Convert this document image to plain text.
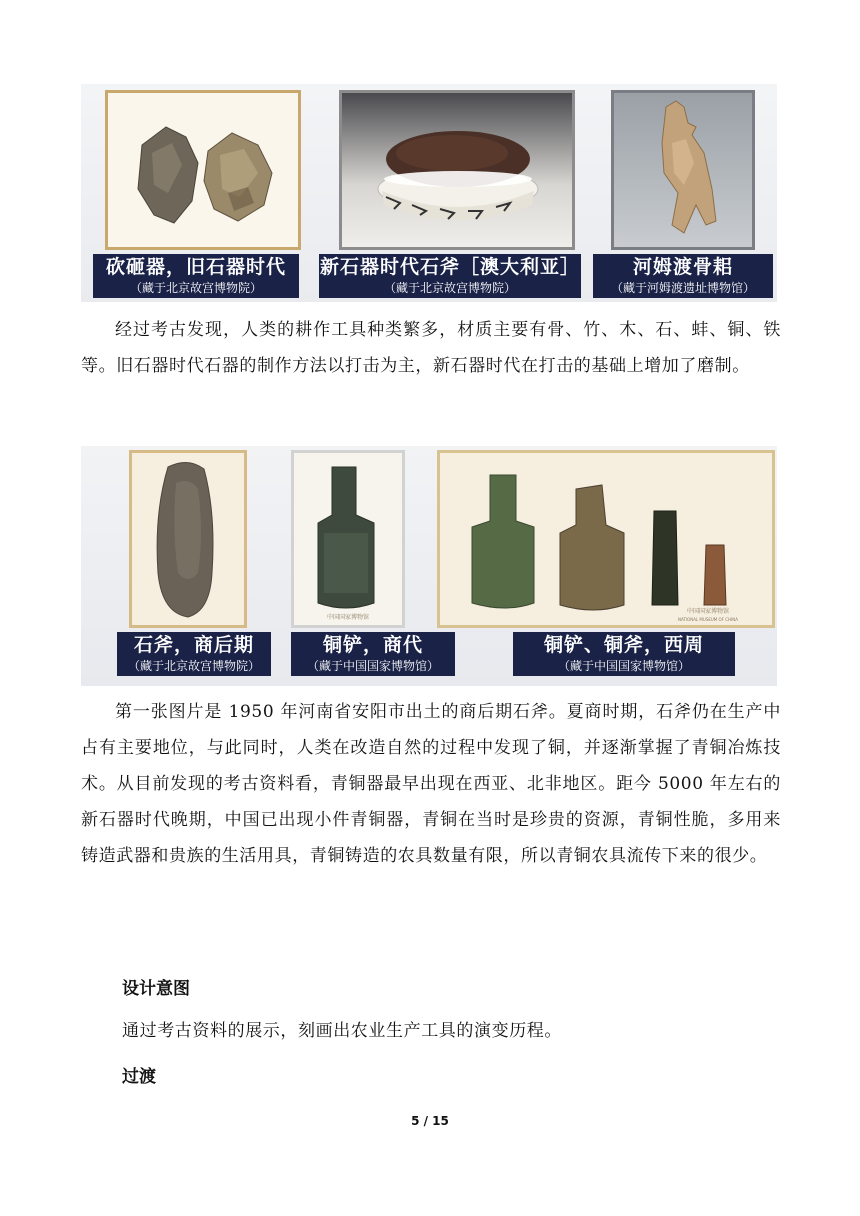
砍砸器，旧石器时代
（藏于北京故宫博物院）
新石器时代石斧［澳大利亚］
（藏于北京故宫博物院）
河姆渡骨耜
（藏于河姆渡遗址博物馆）

经过考古发现，人类的耕作工具种类繁多，材质主要有骨、竹、木、石、蚌、铜、铁等。旧石器时代石器的制作方法以打击为主，新石器时代在打击的基础上增加了磨制。

中国国家博物馆
中国国家博物馆
NATIONAL MUSEUM OF CHINA
石斧，商后期
（藏于北京故宫博物院）
铜铲，商代
（藏于中国国家博物馆）
铜铲、铜斧，西周
（藏于中国国家博物馆）

第一张图片是 1950 年河南省安阳市出土的商后期石斧。夏商时期，石斧仍在生产中占有主要地位，与此同时，人类在改造自然的过程中发现了铜，并逐渐掌握了青铜冶炼技术。从目前发现的考古资料看，青铜器最早出现在西亚、北非地区。距今 5000 年左右的新石器时代晚期，中国已出现小件青铜器，青铜在当时是珍贵的资源，青铜性脆，多用来铸造武器和贵族的生活用具，青铜铸造的农具数量有限，所以青铜农具流传下来的很少。

设计意图

通过考古资料的展示，刻画出农业生产工具的演变历程。

过渡
5 / 15
